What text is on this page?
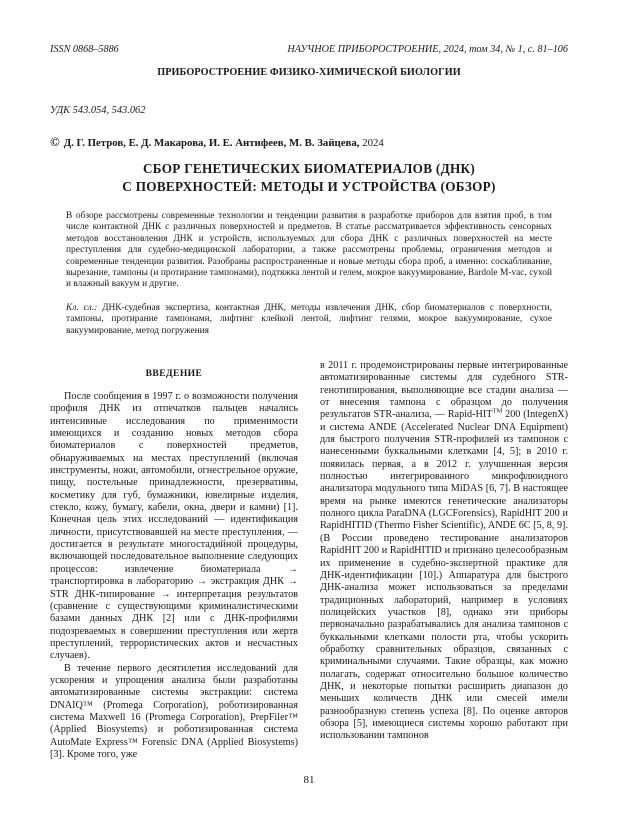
ISSN 0868–5886	НАУЧНОЕ ПРИБОРОСТРОЕНИЕ, 2024, том 34, № 1, c. 81–106
ПРИБОРОСТРОЕНИЕ ФИЗИКО-ХИМИЧЕСКОЙ БИОЛОГИИ
УДК 543.054, 543.062
© Д. Г. Петров, Е. Д. Макарова, И. Е. Антифеев, М. В. Зайцева, 2024
СБОР ГЕНЕТИЧЕСКИХ БИОМАТЕРИАЛОВ (ДНК)
С ПОВЕРХНОСТЕЙ: МЕТОДЫ И УСТРОЙСТВА (ОБЗОР)

В обзоре рассмотрены современные технологии и тенденции развития в разработке приборов для взятия проб, в том числе контактной ДНК с различных поверхностей и предметов. В статье рассматривается эффективность сенсорных методов восстановления ДНК и устройств, используемых для сбора ДНК с различных поверхностей на месте преступления для судебно-медицинской лаборатории, а также рассмотрены проблемы, ограничения методов и современные тенденции развития. Разобраны распространенные и новые методы сбора проб, а именно: соскабливание, вырезание, тампоны (и протирание тампонами), подтяжка лентой и гелем, мокрое вакуумирование, Bardole M-vac, сухой и влажный вакуум и другие.

Кл. сл.: ДНК-судебная экспертиза, контактная ДНК, методы извлечения ДНК, сбор биоматериалов с поверхности, тампоны, протирание тампонами, лифтинг клейкой лентой, лифтинг гелями, мокрое вакуумирование, сухое вакуумирование, метод погружения
ВВЕДЕНИЕ

После сообщения в 1997 г. о возможности получения профиля ДНК из отпечатков пальцев начались интенсивные исследования по применимости имеющихся и созданию новых методов сбора биоматериалов с поверхностей предметов, обнаруживаемых на местах преступлений (включая инструменты, ножи, автомобили, огнестрельное оружие, пищу, постельные принадлежности, презервативы, косметику для губ, бумажники, ювелирные изделия, стекло, кожу, бумагу, кабели, окна, двери и камни) [1]. Конечная цель этих исследований — идентификация личности, присутствовавшей на месте преступления, — достигается в результате многостадийной процедуры, включающей последовательное выполнение следующих процессов: извлечение биоматериала → транспортировка в лабораторию → экстракция ДНК → STR ДНК-типирование → интерпретация результатов (сравнение с существующими криминалистическими базами данных ДНК [2] или с ДНК-профилями подозреваемых в совершении преступления или жертв преступлений, террористических актов и несчастных случаев).

В течение первого десятилетия исследований для ускорения и упрощения анализа были разработаны автоматизированные системы экстракции: система DNAIQ™ (Promega Corporation), роботизированная система Maxwell 16 (Promega Corporation), PrepFiler™ (Applied Biosystems) и роботизированная система AutoMate Express™ Forensic DNA (Applied Biosystems) [3]. Кроме того, уже

в 2011 г. продемонстрированы первые интегрированные автоматизированные системы для судебного STR-генотипирования, выполняющие все стадии анализа — от внесения тампона с образцом до получения результатов STR-анализа, — Rapid-HIT™ 200 (IntegenX) и система ANDE (Accelerated Nuclear DNA Equipment) для быстрого получения STR-профилей из тампонов с нанесенными буккальными клетками [4, 5]; в 2010 г. появилась первая, а в 2012 г. улучшенная версия полностью интегрированного микрофлюидного анализатора модульного типа MiDAS [6, 7]. В настоящее время на рынке имеются генетические анализаторы полного цикла ParaDNA (LGCForensics), RapidHIT 200 и RapidHITID (Thermo Fisher Scientific), ANDE 6C [5, 8, 9]. (В России проведено тестирование анализаторов RapidHIT 200 и RapidHITID и признано целесообразным их применение в судебно-экспертной практике для ДНК-идентификации [10].) Аппаратура для быстрого ДНК-анализа может использоваться за пределами традиционных лабораторий, например в условиях полицейских участков [8], однако эти приборы первоначально разрабатывались для анализа тампонов с буккальными клетками полости рта, чтобы ускорить обработку сравнительных образцов, связанных с криминальными случаями. Такие образцы, как можно полагать, содержат относительно большое количество ДНК, и некоторые попытки расширить диапазон до меньших количеств ДНК или смесей имели разнообразную степень успеха [8]. По оценке авторов обзора [5], имеющиеся системы хорошо работают при использовании тампонов

81
